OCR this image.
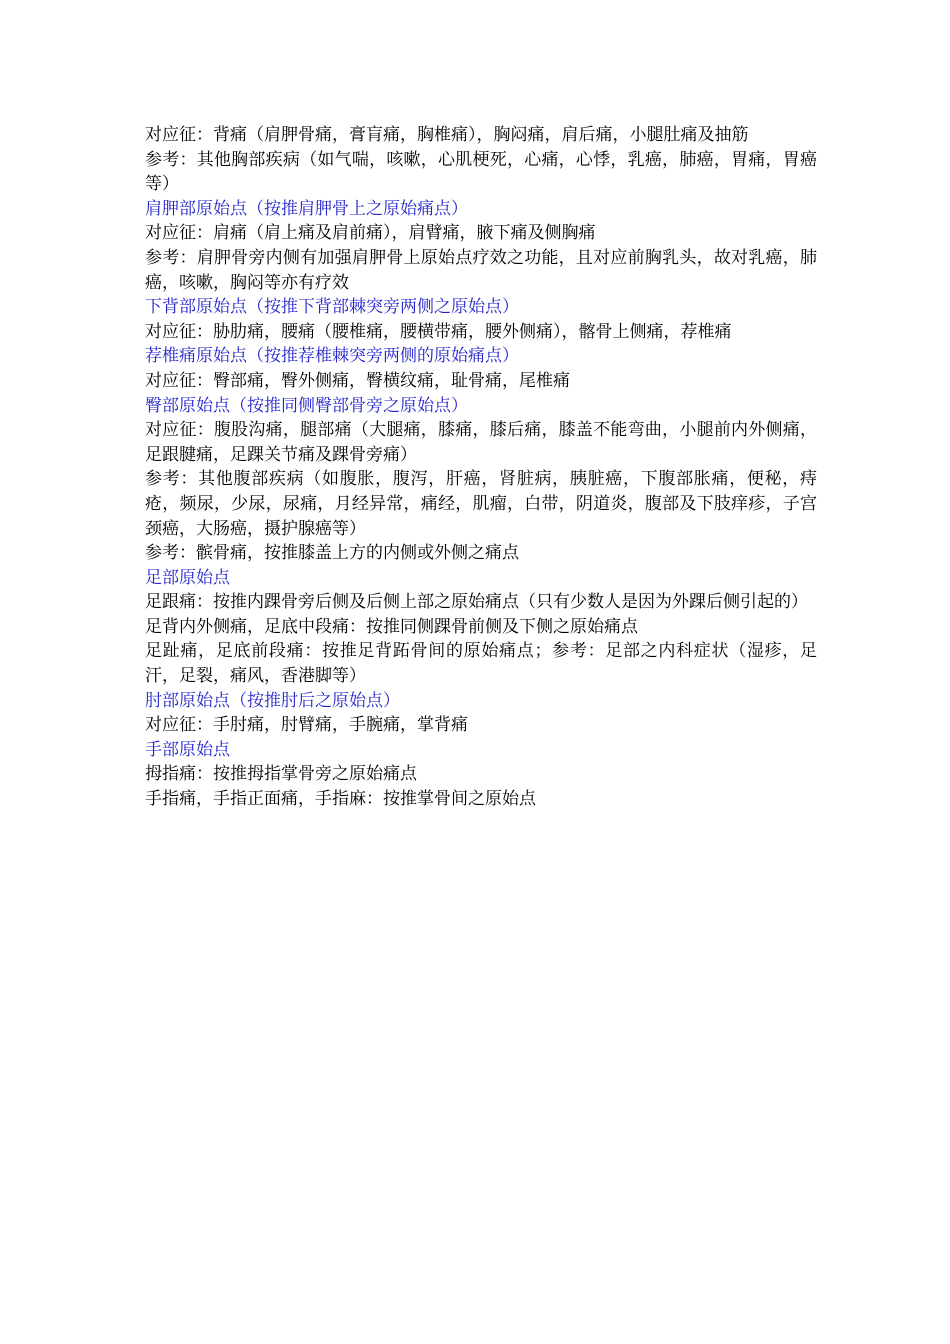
对应征：背痛（肩胛骨痛，膏肓痛，胸椎痛），胸闷痛，肩后痛，小腿肚痛及抽筋

参考：其他胸部疾病（如气喘，咳嗽，心肌梗死，心痛，心悸，乳癌，肺癌，胃痛，胃癌等）

肩胛部原始点（按推肩胛骨上之原始痛点）

对应征：肩痛（肩上痛及肩前痛），肩臂痛，腋下痛及侧胸痛

参考：肩胛骨旁内侧有加强肩胛骨上原始点疗效之功能，且对应前胸乳头，故对乳癌，肺癌，咳嗽，胸闷等亦有疗效

下背部原始点（按推下背部棘突旁两侧之原始点）

对应征：胁肋痛，腰痛（腰椎痛，腰横带痛，腰外侧痛），髂骨上侧痛，荐椎痛

荐椎痛原始点（按推荐椎棘突旁两侧的原始痛点）

对应征：臀部痛，臀外侧痛，臀横纹痛，耻骨痛，尾椎痛

臀部原始点（按推同侧臀部骨旁之原始点）

对应征：腹股沟痛，腿部痛（大腿痛，膝痛，膝后痛，膝盖不能弯曲，小腿前内外侧痛，足跟腱痛，足踝关节痛及踝骨旁痛）

参考：其他腹部疾病（如腹胀，腹泻，肝癌，肾脏病，胰脏癌，下腹部胀痛，便秘，痔疮，频尿，少尿，尿痛，月经异常，痛经，肌瘤，白带，阴道炎，腹部及下肢痒疹，子宫颈癌，大肠癌，摄护腺癌等）

参考：髌骨痛，按推膝盖上方的内侧或外侧之痛点

足部原始点

足跟痛：按推内踝骨旁后侧及后侧上部之原始痛点（只有少数人是因为外踝后侧引起的）

足背内外侧痛，足底中段痛：按推同侧踝骨前侧及下侧之原始痛点

足趾痛，足底前段痛：按推足背跖骨间的原始痛点；参考：足部之内科症状（湿疹，足汗，足裂，痛风，香港脚等）

肘部原始点（按推肘后之原始点）

对应征：手肘痛，肘臂痛，手腕痛，掌背痛

手部原始点

拇指痛：按推拇指掌骨旁之原始痛点

手指痛，手指正面痛，手指麻：按推掌骨间之原始点
